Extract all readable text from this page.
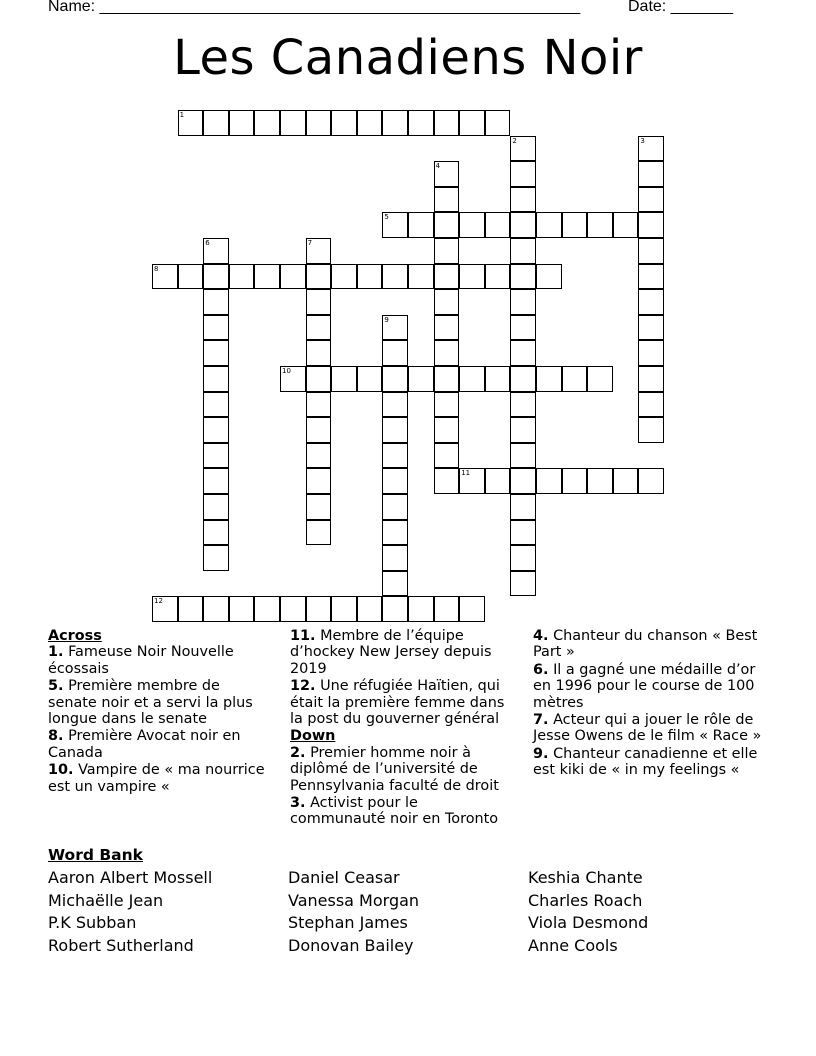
Name: ______________________________________________________	Date: _______
Les Canadiens Noir
1
2	3
4
5
6	7
8
9
10
11
12
Across
1. Fameuse Noir Nouvelle écossais
5. Première membre de senate noir et a servi la plus longue dans le senate
8. Première Avocat noir en Canada
10. Vampire de « ma nourrice est un vampire «
11. Membre de l’équipe d’hockey New Jersey depuis 2019
12. Une réfugiée Haïtien, qui était la première femme dans la post du gouverner général
Down
2. Premier homme noir à diplômé de l’université de Pennsylvania faculté de droit
3. Activist pour le communauté noir en Toronto
4. Chanteur du chanson « Best Part »
6. Il a gagné une médaille d’or en 1996 pour le course de 100 mètres
7. Acteur qui a jouer le rôle de Jesse Owens de le film « Race »
9. Chanteur canadienne et elle est kiki de « in my feelings «
Word Bank
Aaron Albert Mossell
Michaëlle Jean
P.K Subban
Robert Sutherland
Daniel Ceasar
Vanessa Morgan
Stephan James
Donovan Bailey
Keshia Chante
Charles Roach
Viola Desmond
Anne Cools
